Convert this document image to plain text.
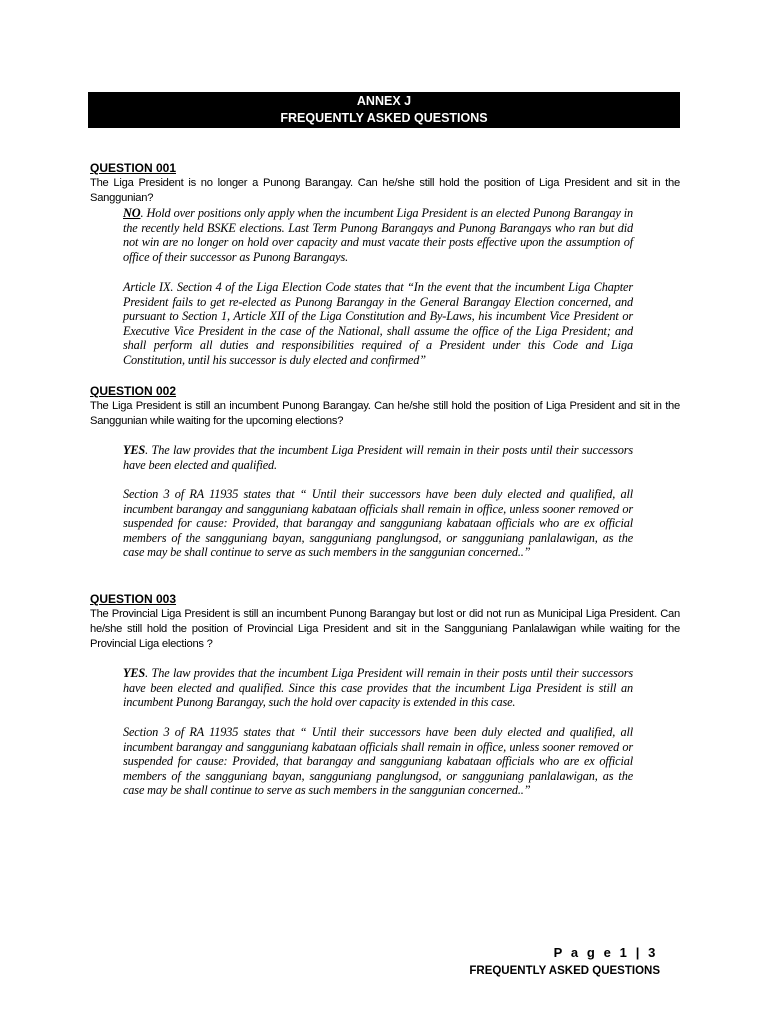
ANNEX J
FREQUENTLY ASKED QUESTIONS
QUESTION 001
The Liga President is no longer a Punong Barangay. Can he/she still hold the position of Liga President and sit in the Sanggunian?
NO. Hold over positions only apply when the incumbent Liga President is an elected Punong Barangay in the recently held BSKE elections. Last Term Punong Barangays and Punong Barangays who ran but did not win are no longer on hold over capacity and must vacate their posts effective upon the assumption of office of their successor as Punong Barangays.
Article IX. Section 4 of the Liga Election Code states that “In the event that the incumbent Liga Chapter President fails to get re-elected as Punong Barangay in the General Barangay Election concerned, and pursuant to Section 1, Article XII of the Liga Constitution and By-Laws, his incumbent Vice President or Executive Vice President in the case of the National, shall assume the office of the Liga President; and shall perform all duties and responsibilities required of a President under this Code and Liga Constitution, until his successor is duly elected and confirmed”
QUESTION 002
The Liga President is still an incumbent Punong Barangay. Can he/she still hold the position of Liga President and sit in the Sanggunian while waiting for the upcoming elections?
YES. The law provides that the incumbent Liga President will remain in their posts until their successors have been elected and qualified.
Section 3 of RA 11935 states that “ Until their successors have been duly elected and qualified, all incumbent barangay and sangguniang kabataan officials shall remain in office, unless sooner removed or suspended for cause: Provided, that barangay and sangguniang kabataan officials who are ex official members of the sangguniang bayan, sangguniang panglungsod, or sangguniang panlalawigan, as the case may be shall continue to serve as such members in the sanggunian concerned..”
QUESTION 003
The Provincial Liga President is still an incumbent Punong Barangay but lost or did not run as Municipal Liga President. Can he/she still hold the position of Provincial Liga President and sit in the Sangguniang Panlalawigan while waiting for the Provincial Liga elections ?
YES. The law provides that the incumbent Liga President will remain in their posts until their successors have been elected and qualified. Since this case provides that the incumbent Liga President is still an incumbent Punong Barangay, such the hold over capacity is extended in this case.
Section 3 of RA 11935 states that “ Until their successors have been duly elected and qualified, all incumbent barangay and sangguniang kabataan officials shall remain in office, unless sooner removed or suspended for cause: Provided, that barangay and sangguniang kabataan officials who are ex official members of the sangguniang bayan, sangguniang panglungsod, or sangguniang panlalawigan, as the case may be shall continue to serve as such members in the sanggunian concerned..”
P a g e 1 | 3
FREQUENTLY ASKED QUESTIONS
